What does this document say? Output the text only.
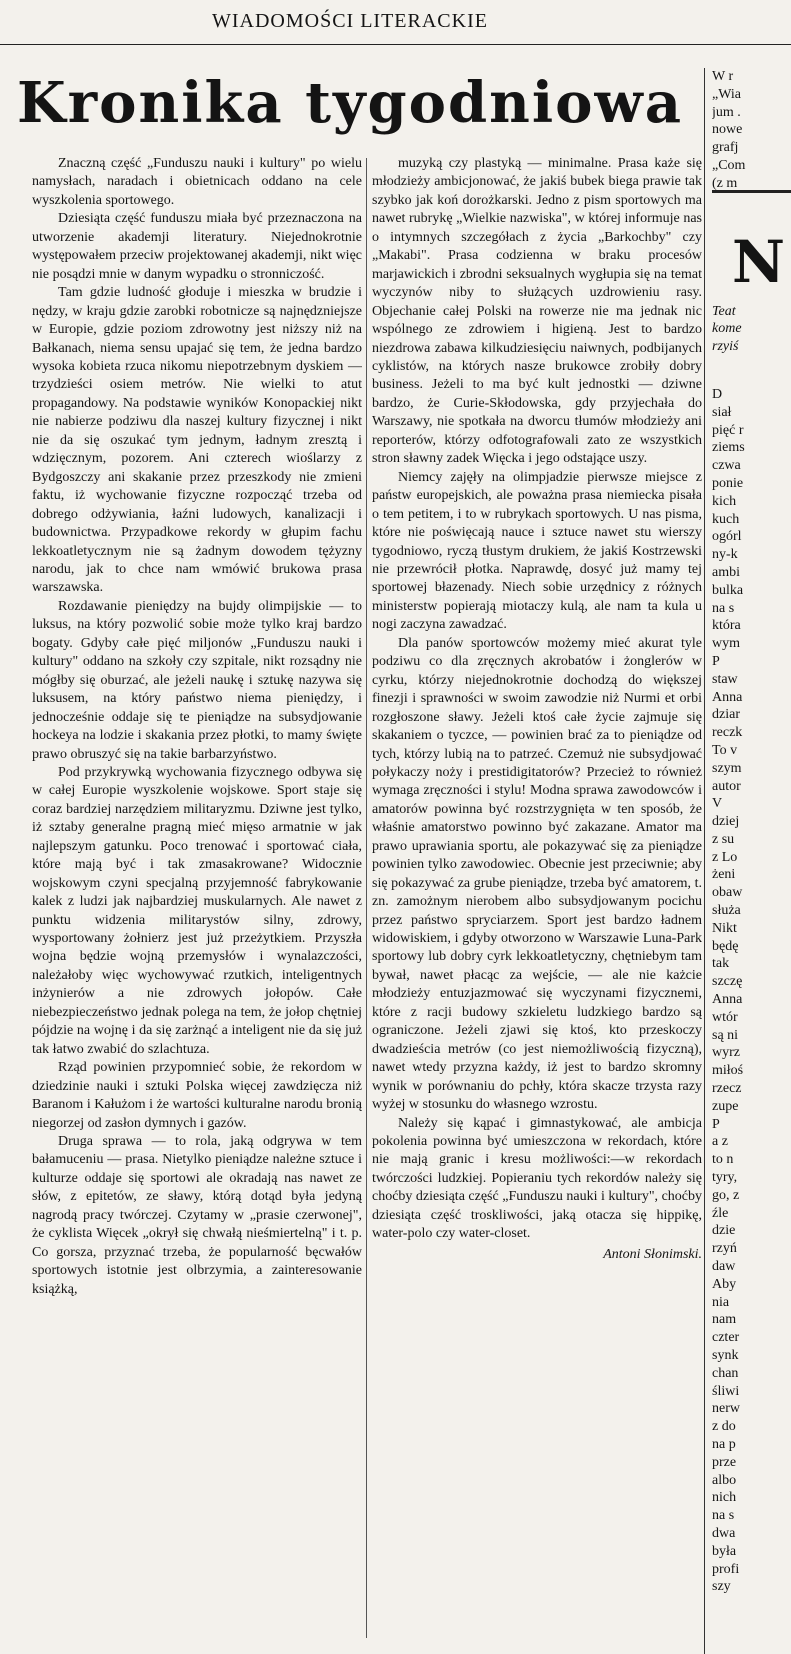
WIADOMOŚCI LITERACKIE
Kronika tygodniowa

Znaczną część „Funduszu nauki i kultury" po wielu namysłach, naradach i obietnicach oddano na cele wyszkolenia sportowego.

Dziesiąta część funduszu miała być przeznaczona na utworzenie akademji literatury. Niejednokrotnie występowałem przeciw projektowanej akademji, nikt więc nie posądzi mnie w danym wypadku o stronniczość.

Tam gdzie ludność głoduje i mieszka w brudzie i nędzy, w kraju gdzie zarobki robotnicze są najnędzniejsze w Europie, gdzie poziom zdrowotny jest niższy niż na Bałkanach, niema sensu upajać się tem, że jedna bardzo wysoka kobieta rzuca nikomu niepotrzebnym dyskiem — trzydzieści osiem metrów. Nie wielki to atut propagandowy. Na podstawie wyników Konopackiej nikt nie nabierze podziwu dla naszej kultury fizycznej i nikt nie da się oszukać tym jednym, ładnym zresztą i wdzięcznym, pozorem. Ani czterech wioślarzy z Bydgoszczy ani skakanie przez przeszkody nie zmieni faktu, iż wychowanie fizyczne rozpocząć trzeba od dobrego odżywiania, łaźni ludowych, kanalizacji i budownictwa. Przypadkowe rekordy w głupim fachu lekkoatletycznym nie są żadnym dowodem tężyzny narodu, jak to chce nam wmówić brukowa prasa warszawska.

Rozdawanie pieniędzy na bujdy olimpijskie — to luksus, na który pozwolić sobie może tylko kraj bardzo bogaty. Gdyby całe pięć miljonów „Funduszu nauki i kultury" oddano na szkoły czy szpitale, nikt rozsądny nie mógłby się oburzać, ale jeżeli naukę i sztukę nazywa się luksusem, na który państwo niema pieniędzy, i jednocześnie oddaje się te pieniądze na subsydjowanie hockeya na lodzie i skakania przez płotki, to mamy święte prawo obruszyć się na takie barbarzyństwo.

Pod przykrywką wychowania fizycznego odbywa się w całej Europie wyszkolenie wojskowe. Sport staje się coraz bardziej narzędziem militaryzmu. Dziwne jest tylko, iż sztaby generalne pragną mieć mięso armatnie w jak najlepszym gatunku. Poco trenować i sportować ciała, które mają być i tak zmasakrowane? Widocznie wojskowym czyni specjalną przyjemność fabrykowanie kalek z ludzi jak najbardziej muskularnych. Ale nawet z punktu widzenia militarystów silny, zdrowy, wysportowany żołnierz jest już przeżytkiem. Przyszła wojna będzie wojną przemysłów i wynalazczości, należałoby więc wychowywać rzutkich, inteligentnych inżynierów a nie zdrowych jołopów. Całe niebezpieczeństwo jednak polega na tem, że jołop chętniej pójdzie na wojnę i da się zarżnąć a inteligent nie da się już tak łatwo zwabić do szlachtuza.

Rząd powinien przypomnieć sobie, że rekordom w dziedzinie nauki i sztuki Polska więcej zawdzięcza niż Baranom i Kałużom i że wartości kulturalne narodu bronią niegorzej od zasłon dymnych i gazów.

Druga sprawa — to rola, jaką odgrywa w tem bałamuceniu — prasa. Nietylko pieniądze należne sztuce i kulturze oddaje się sportowi ale okradają nas nawet ze słów, z epitetów, ze sławy, którą dotąd była jedyną nagrodą pracy twórczej. Czytamy w „prasie czerwonej", że cyklista Więcek „okrył się chwałą nieśmiertelną" i t. p. Co gorsza, przyznać trzeba, że popularność bęcwałów sportowych istotnie jest olbrzymia, a zainteresowanie książką,

muzyką czy plastyką — minimalne. Prasa każe się młodzieży ambicjonować, że jakiś bubek biega prawie tak szybko jak koń dorożkarski. Jedno z pism sportowych ma nawet rubrykę „Wielkie nazwiska", w której informuje nas o intymnych szczegółach z życia „Barkochby" czy „Makabi". Prasa codzienna w braku procesów marjawickich i zbrodni seksualnych wygłupia się na temat wyczynów niby to służących uzdrowieniu rasy. Objechanie całej Polski na rowerze nie ma jednak nic wspólnego ze zdrowiem i higieną. Jest to bardzo niezdrowa zabawa kilkudziesięciu naiwnych, podbijanych cyklistów, na których nasze brukowce zrobiły dobry business. Jeżeli to ma być kult jednostki — dziwne bardzo, że Curie-Skłodowska, gdy przyjechała do Warszawy, nie spotkała na dworcu tłumów młodzieży ani reporterów, którzy odfotografowali zato ze wszystkich stron sławny zadek Więcka i jego odstające uszy.

Niemcy zajęły na olimpjadzie pierwsze miejsce z państw europejskich, ale poważna prasa niemiecka pisała o tem petitem, i to w rubrykach sportowych. U nas pisma, które nie poświęcają nauce i sztuce nawet stu wierszy tygodniowo, ryczą tłustym drukiem, że jakiś Kostrzewski nie przewrócił płotka. Naprawdę, dosyć już mamy tej sportowej błazenady. Niech sobie urzędnicy z różnych ministerstw popierają miotaczy kulą, ale nam ta kula u nogi zaczyna zawadzać.

Dla panów sportowców możemy mieć akurat tyle podziwu co dla zręcznych akrobatów i żonglerów w cyrku, którzy niejednokrotnie dochodzą do większej finezji i sprawności w swoim zawodzie niż Nurmi et orbi rozgłoszone sławy. Jeżeli ktoś całe życie zajmuje się skakaniem o tyczce, — powinien brać za to pieniądze od tych, którzy lubią na to patrzeć. Czemuż nie subsydjować połykaczy noży i prestidigitatorów? Przecież to również wymaga zręczności i stylu! Modna sprawa zawodowców i amatorów powinna być rozstrzygnięta w ten sposób, że właśnie amatorstwo powinno być zakazane. Amator ma prawo uprawiania sportu, ale pokazywać się za pieniądze powinien tylko zawodowiec. Obecnie jest przeciwnie; aby się pokazywać za grube pieniądze, trzeba być amatorem, t. zn. zamożnym nierobem albo subsydjowanym pocichu przez państwo spryciarzem. Sport jest bardzo ładnem widowiskiem, i gdyby otworzono w Warszawie Luna-Park sportowy lub dobry cyrk lekkoatletyczny, chętniebym tam bywał, nawet płacąc za wejście, — ale nie każcie młodzieży entuzjazmować się wyczynami fizycznemi, które z racji budowy szkieletu ludzkiego bardzo są ograniczone. Jeżeli zjawi się ktoś, kto przeskoczy dwadzieścia metrów (co jest niemożliwością fizyczną), nawet wtedy przyzna każdy, iż jest to bardzo skromny wynik w porównaniu do pchły, która skacze trzysta razy wyżej w stosunku do własnego wzrostu.

Należy się kąpać i gimnastykować, ale ambicja pokolenia powinna być umieszczona w rekordach, które nie mają granic i kresu możliwości:—w rekordach twórczości ludzkiej. Popieraniu tych rekordów należy się choćby dziesiąta część „Funduszu nauki i kultury", choćby dziesiąta część troskliwości, jaką otacza się hippikę, water-polo czy water-closet.

Antoni Słonimski.

W r
„Wia
jum .
nowe
grafj
„Com
(z m
Teat
kome
rzyiś
D
siał
pięć r
ziems
czwa
ponie
kich
kuch
ogórl
ny-k
ambi
bulka
na s
która
wym
P
staw
Anna
dziar
reczk
To v
szym
autor
V
dziej
z su
z Lo
żeni
obaw
służa
Nikt
będę
tak
szczę
Anna
wtór
są ni
wyrz
miłoś
rzecz
zupe
P
a z
to n
tyry,
go, z
źle
dzie
rzyń
daw
Aby
nia
nam
czter
synk
chan
śliwi
nerw
z do
na p
prze
albo
nich
na s
dwa
była
profi
szy
N
